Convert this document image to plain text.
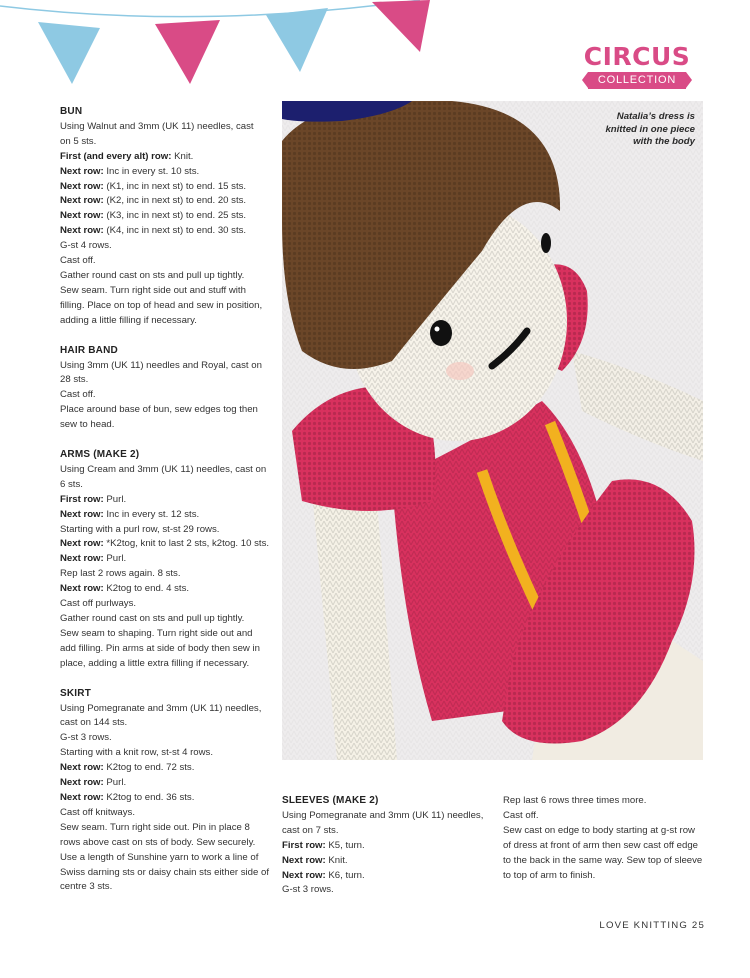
CIRCUS
COLLECTION
BUN
Using Walnut and 3mm (UK 11) needles, cast
on 5 sts.
First (and every alt) row: Knit.
Next row: Inc in every st. 10 sts.
Next row: (K1, inc in next st) to end. 15 sts.
Next row: (K2, inc in next st) to end. 20 sts.
Next row: (K3, inc in next st) to end. 25 sts.
Next row: (K4, inc in next st) to end. 30 sts.
G-st 4 rows.
Cast off.
Gather round cast on sts and pull up tightly.
Sew seam. Turn right side out and stuff with
filling. Place on top of head and sew in position,
adding a little filling if necessary.
HAIR BAND
Using 3mm (UK 11) needles and Royal, cast on
28 sts.
Cast off.
Place around base of bun, sew edges tog then
sew to head.
ARMS (MAKE 2)
Using Cream and 3mm (UK 11) needles, cast on
6 sts.
First row: Purl.
Next row: Inc in every st. 12 sts.
Starting with a purl row, st-st 29 rows.
Next row: *K2tog, knit to last 2 sts, k2tog. 10 sts.
Next row: Purl.
Rep last 2 rows again. 8 sts.
Next row: K2tog to end. 4 sts.
Cast off purlways.
Gather round cast on sts and pull up tightly.
Sew seam to shaping. Turn right side out and
add filling. Pin arms at side of body then sew in
place, adding a little extra filling if necessary.
SKIRT
Using Pomegranate and 3mm (UK 11) needles,
cast on 144 sts.
G-st 3 rows.
Starting with a knit row, st-st 4 rows.
Next row: K2tog to end. 72 sts.
Next row: Purl.
Next row: K2tog to end. 36 sts.
Cast off knitways.
Sew seam. Turn right side out. Pin in place 8
rows above cast on sts of body. Sew securely.
Use a length of Sunshine yarn to work a line of
Swiss darning sts or daisy chain sts either side of
centre 3 sts.
Natalia’s dress is
knitted in one piece
with the body
SLEEVES (MAKE 2)
Using Pomegranate and 3mm (UK 11) needles,
cast on 7 sts.
First row: K5, turn.
Next row: Knit.
Next row: K6, turn.
G-st 3 rows.
Rep last 6 rows three times more.
Cast off.
Sew cast on edge to body starting at g-st row
of dress at front of arm then sew cast off edge
to the back in the same way. Sew top of sleeve
to top of arm to finish.
LOVE KNITTING 25
